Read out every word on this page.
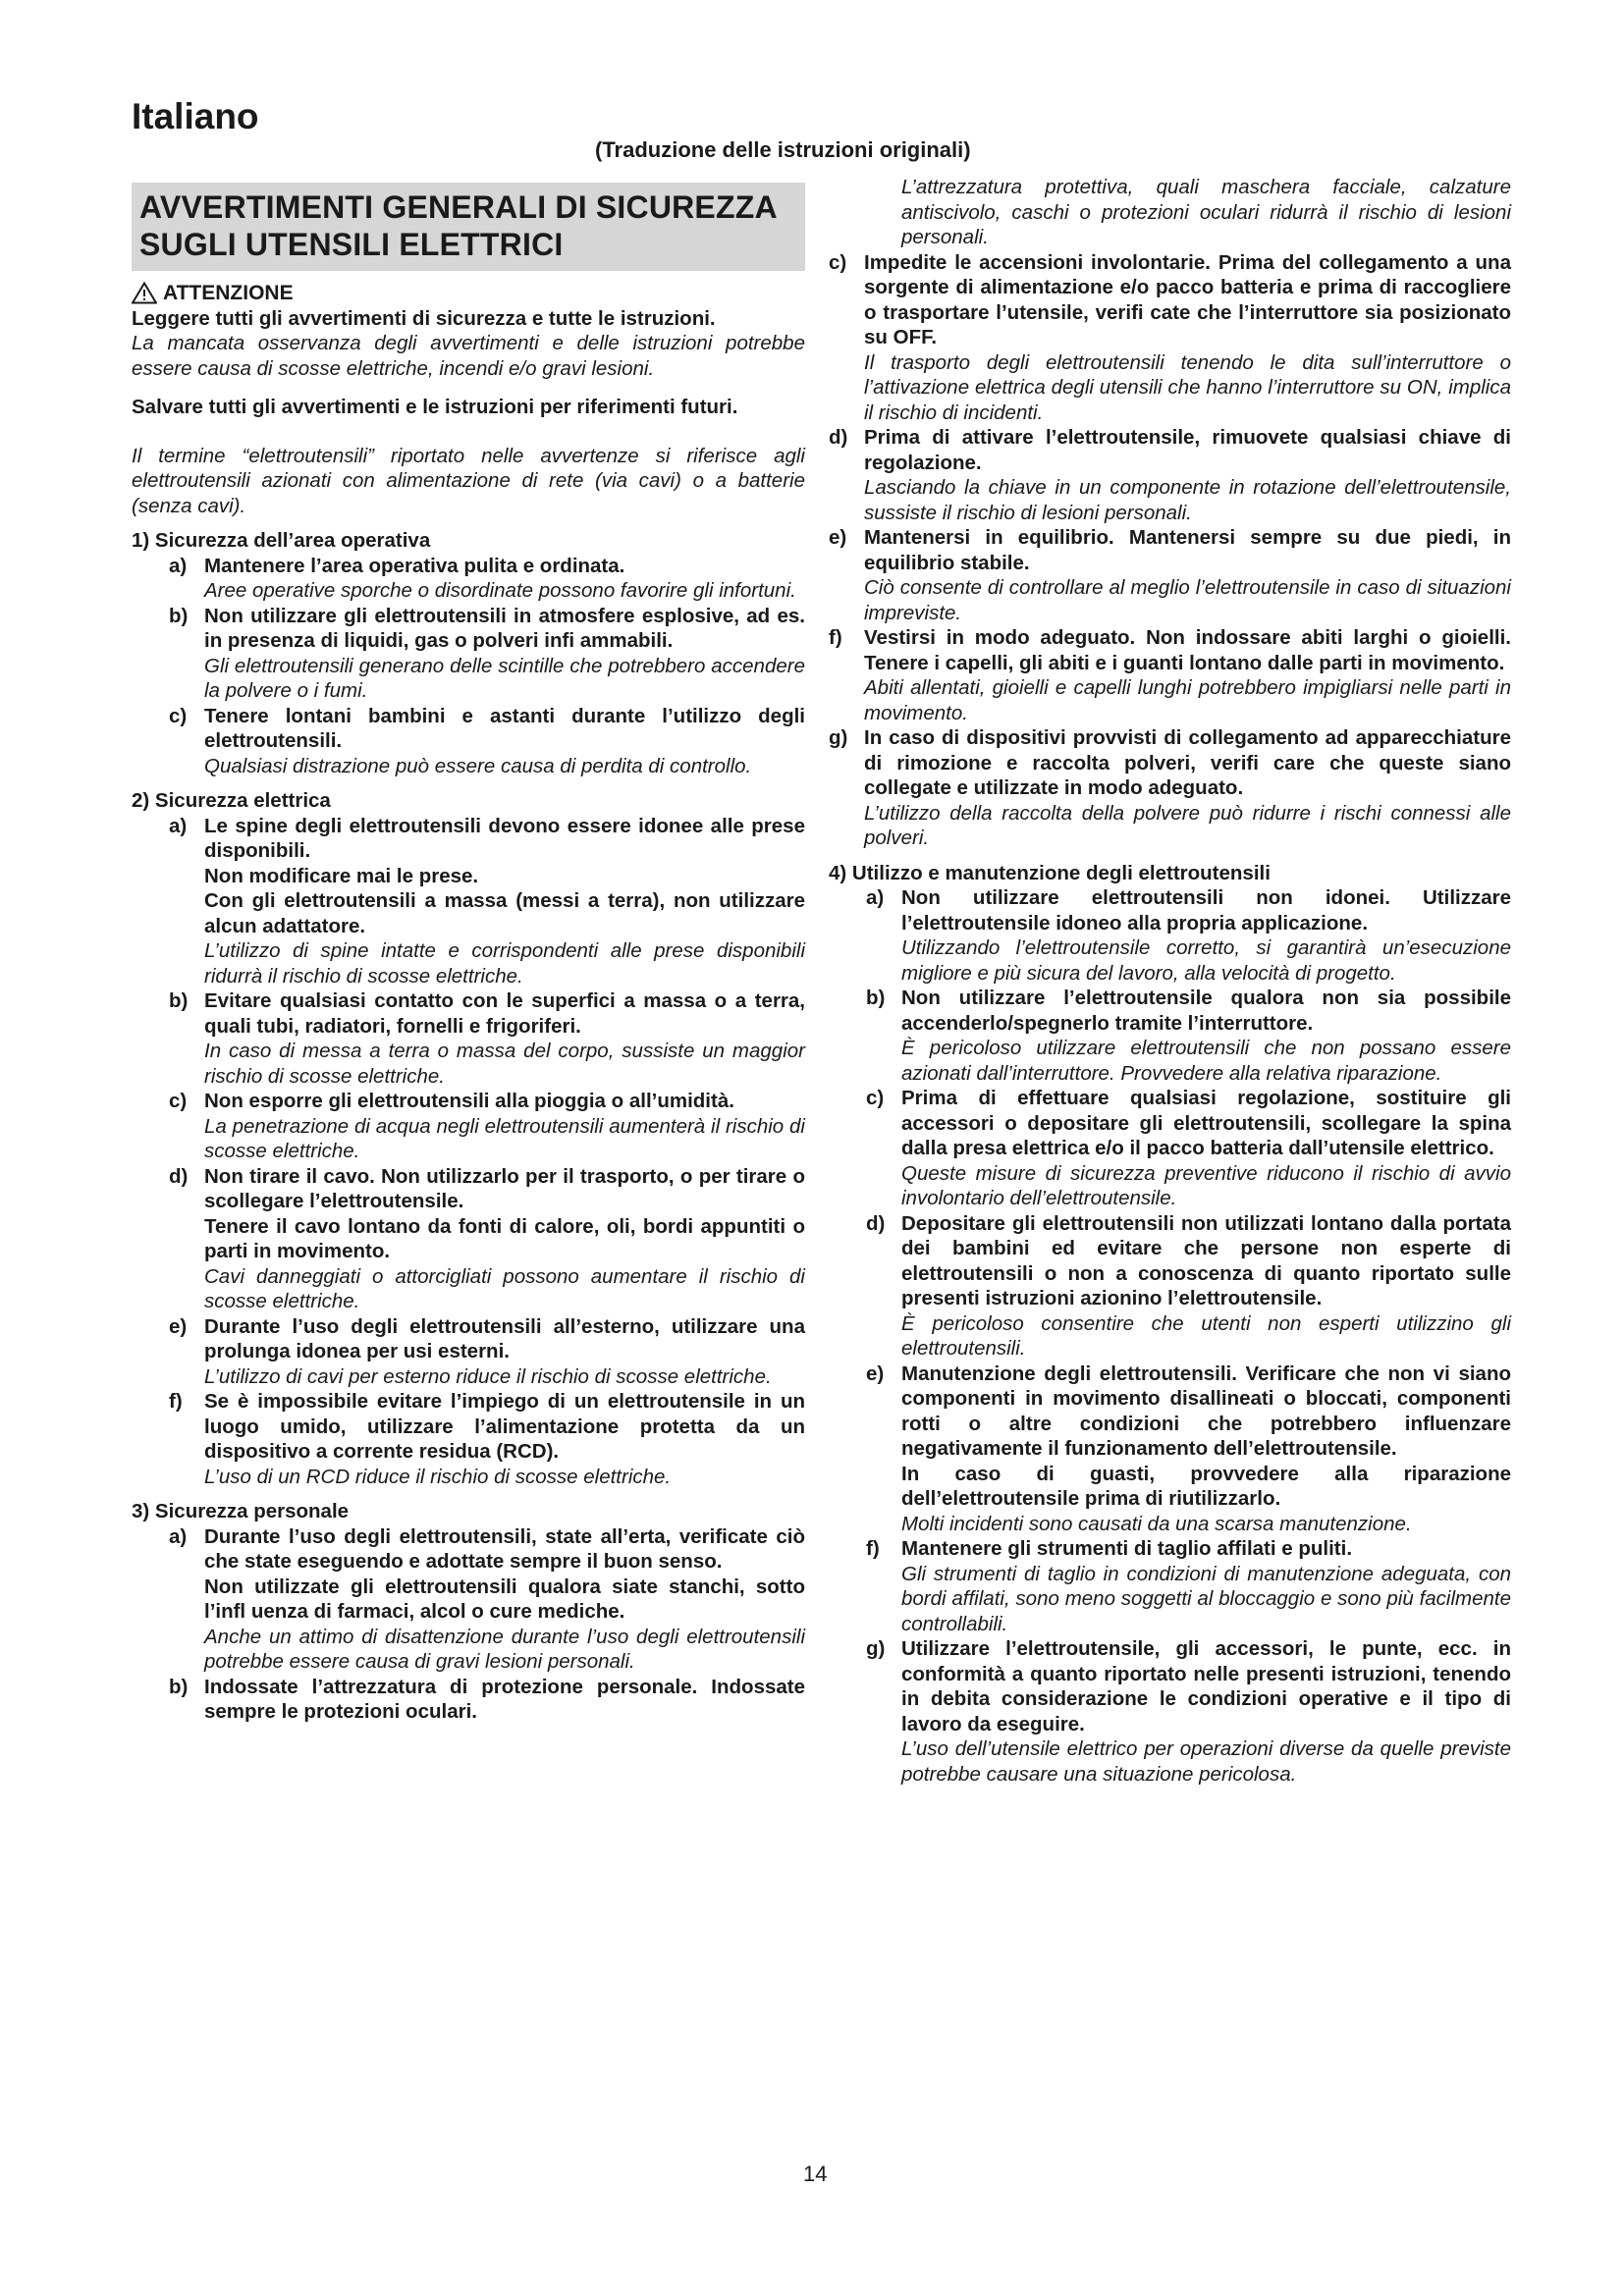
Italiano
(Traduzione delle istruzioni originali)
AVVERTIMENTI GENERALI DI SICUREZZA SUGLI UTENSILI ELETTRICI
ATTENZIONE

Leggere tutti gli avvertimenti di sicurezza e tutte le istruzioni.

La mancata osservanza degli avvertimenti e delle istruzioni potrebbe essere causa di scosse elettriche, incendi e/o gravi lesioni.

Salvare tutti gli avvertimenti e le istruzioni per riferimenti futuri.

Il termine “elettroutensili” riportato nelle avvertenze si riferisce agli elettroutensili azionati con alimentazione di rete (via cavi) o a batterie (senza cavi).

1) Sicurezza dell’area operativa
a) Mantenere l’area operativa pulita e ordinata.

Aree operative sporche o disordinate possono favorire gli infortuni.

b) Non utilizzare gli elettroutensili in atmosfere esplosive, ad es. in presenza di liquidi, gas o polveri infi ammabili.

Gli elettroutensili generano delle scintille che potrebbero accendere la polvere o i fumi.

c) Tenere lontani bambini e astanti durante l’utilizzo degli elettroutensili.

Qualsiasi distrazione può essere causa di perdita di controllo.

2) Sicurezza elettrica
a) Le spine degli elettroutensili devono essere idonee alle prese disponibili.

Non modificare mai le prese.

Con gli elettroutensili a massa (messi a terra), non utilizzare alcun adattatore.

L’utilizzo di spine intatte e corrispondenti alle prese disponibili ridurrà il rischio di scosse elettriche.

b) Evitare qualsiasi contatto con le superfici a massa o a terra, quali tubi, radiatori, fornelli e frigoriferi.

In caso di messa a terra o massa del corpo, sussiste un maggior rischio di scosse elettriche.

c) Non esporre gli elettroutensili alla pioggia o all’umidità.

La penetrazione di acqua negli elettroutensili aumenterà il rischio di scosse elettriche.

d) Non tirare il cavo. Non utilizzarlo per il trasporto, o per tirare o scollegare l’elettroutensile.

Tenere il cavo lontano da fonti di calore, oli, bordi appuntiti o parti in movimento.

Cavi danneggiati o attorcigliati possono aumentare il rischio di scosse elettriche.

e) Durante l’uso degli elettroutensili all’esterno, utilizzare una prolunga idonea per usi esterni.

L’utilizzo di cavi per esterno riduce il rischio di scosse elettriche.

f)	Se è impossibile evitare l’impiego di un elettroutensile in un luogo umido, utilizzare l’alimentazione protetta da un dispositivo a corrente residua (RCD).

L’uso di un RCD riduce il rischio di scosse elettriche.

3) Sicurezza personale
a) Durante l’uso degli elettroutensili, state all’erta, verificate ciò che state eseguendo e adottate sempre il buon senso.

Non utilizzate gli elettroutensili qualora siate stanchi, sotto l’infl uenza di farmaci, alcol o cure mediche.

Anche un attimo di disattenzione durante l’uso degli elettroutensili potrebbe essere causa di gravi lesioni personali.

b) Indossate l’attrezzatura di protezione personale. Indossate sempre le protezioni oculari.

L’attrezzatura protettiva, quali maschera facciale, calzature antiscivolo, caschi o protezioni oculari ridurrà il rischio di lesioni personali.

c) Impedite le accensioni involontarie. Prima del collegamento a una sorgente di alimentazione e/o pacco batteria e prima di raccogliere o trasportare l’utensile, verifi cate che l’interruttore sia posizionato su OFF.

Il trasporto degli elettroutensili tenendo le dita sull’interruttore o l’attivazione elettrica degli utensili che hanno l’interruttore su ON, implica il rischio di incidenti.

d) Prima di attivare l’elettroutensile, rimuovete qualsiasi chiave di regolazione.

Lasciando la chiave in un componente in rotazione dell’elettroutensile, sussiste il rischio di lesioni personali.

e) Mantenersi in equilibrio. Mantenersi sempre su due piedi, in equilibrio stabile.

Ciò consente di controllare al meglio l’elettroutensile in caso di situazioni impreviste.

f)	Vestirsi in modo adeguato. Non indossare abiti larghi o gioielli. Tenere i capelli, gli abiti e i guanti lontano dalle parti in movimento.

Abiti allentati, gioielli e capelli lunghi potrebbero impigliarsi nelle parti in movimento.

g) In caso di dispositivi provvisti di collegamento ad apparecchiature di rimozione e raccolta polveri, verifi care che queste siano collegate e utilizzate in modo adeguato.

L’utilizzo della raccolta della polvere può ridurre i rischi connessi alle polveri.

4) Utilizzo e manutenzione degli elettroutensili
a) Non utilizzare elettroutensili non idonei. Utilizzare l’elettroutensile idoneo alla propria applicazione.

Utilizzando l’elettroutensile corretto, si garantirà un’esecuzione migliore e più sicura del lavoro, alla velocità di progetto.

b) Non utilizzare l’elettroutensile qualora non sia possibile accenderlo/spegnerlo tramite l’interruttore.

È pericoloso utilizzare elettroutensili che non possano essere azionati dall’interruttore. Provvedere alla relativa riparazione.

c) Prima di effettuare qualsiasi regolazione, sostituire gli accessori o depositare gli elettroutensili, scollegare la spina dalla presa elettrica e/o il pacco batteria dall’utensile elettrico.

Queste misure di sicurezza preventive riducono il rischio di avvio involontario dell’elettroutensile.

d) Depositare gli elettroutensili non utilizzati lontano dalla portata dei bambini ed evitare che persone non esperte di elettroutensili o non a conoscenza di quanto riportato sulle presenti istruzioni azionino l’elettroutensile.

È pericoloso consentire che utenti non esperti utilizzino gli elettroutensili.

e) Manutenzione degli elettroutensili. Verificare che non vi siano componenti in movimento disallineati o bloccati, componenti rotti o altre condizioni che potrebbero influenzare negativamente il funzionamento dell’elettroutensile.

In caso di guasti, provvedere alla riparazione dell’elettroutensile prima di riutilizzarlo.

Molti incidenti sono causati da una scarsa manutenzione.

f)	Mantenere gli strumenti di taglio affilati e puliti.

Gli strumenti di taglio in condizioni di manutenzione adeguata, con bordi affilati, sono meno soggetti al bloccaggio e sono più facilmente controllabili.

g) Utilizzare l’elettroutensile, gli accessori, le punte, ecc. in conformità a quanto riportato nelle presenti istruzioni, tenendo in debita considerazione le condizioni operative e il tipo di lavoro da eseguire.

L’uso dell’utensile elettrico per operazioni diverse da quelle previste potrebbe causare una situazione pericolosa.

14
